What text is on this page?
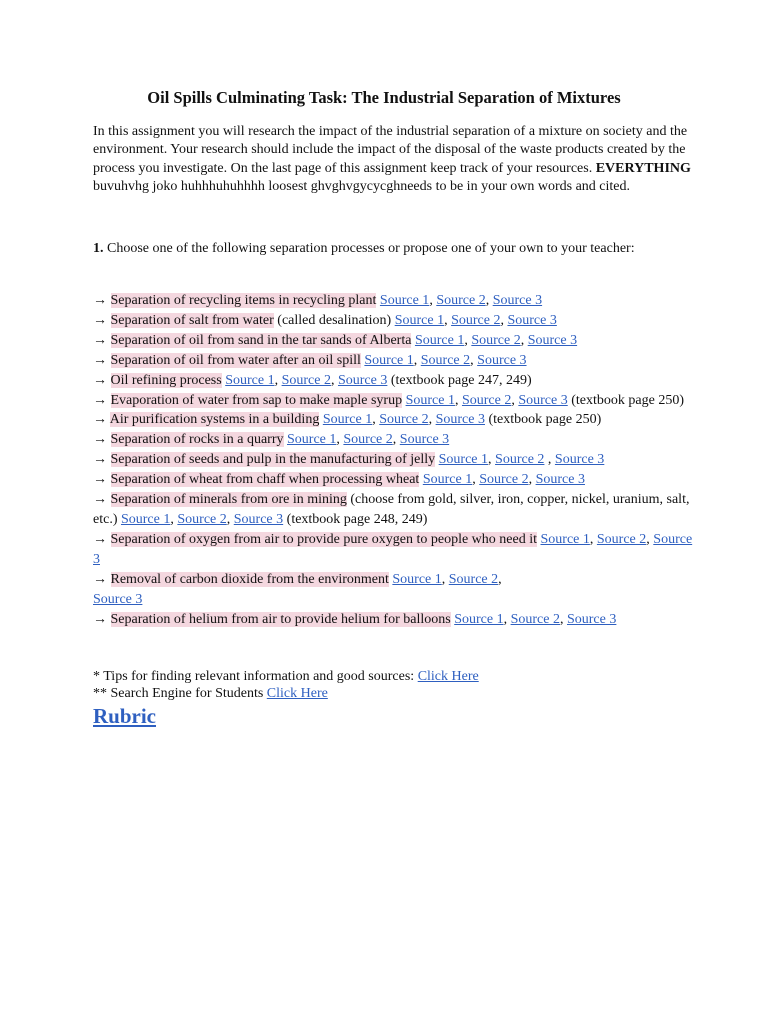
Oil Spills Culminating Task: The Industrial Separation of Mixtures

In this assignment you will research the impact of the industrial separation of a mixture on society and the environment. Your research should include the impact of the disposal of the waste products created by the process you investigate. On the last page of this assignment keep track of your resources. EVERYTHING buvuhvhg joko huhhhuhuhhhh loosest ghvghvgycycghneeds to be in your own words and cited.

1. Choose one of the following separation processes or propose one of your own to your teacher:

→ Separation of recycling items in recycling plant Source 1, Source 2, Source 3
→ Separation of salt from water (called desalination) Source 1, Source 2, Source 3
→ Separation of oil from sand in the tar sands of Alberta Source 1, Source 2, Source 3
→ Separation of oil from water after an oil spill Source 1, Source 2, Source 3
→ Oil refining process Source 1, Source 2, Source 3 (textbook page 247, 249)
→ Evaporation of water from sap to make maple syrup Source 1, Source 2, Source 3 (textbook page 250)
→ Air purification systems in a building Source 1, Source 2, Source 3 (textbook page 250)
→ Separation of rocks in a quarry Source 1, Source 2, Source 3
→ Separation of seeds and pulp in the manufacturing of jelly Source 1, Source 2 , Source 3
→ Separation of wheat from chaff when processing wheat Source 1, Source 2, Source 3
→ Separation of minerals from ore in mining (choose from gold, silver, iron, copper, nickel, uranium, salt, etc.) Source 1, Source 2, Source 3 (textbook page 248, 249)
→ Separation of oxygen from air to provide pure oxygen to people who need it Source 1, Source 2, Source 3
→ Removal of carbon dioxide from the environment Source 1, Source 2,
Source 3
→ Separation of helium from air to provide helium for balloons Source 1, Source 2, Source 3

* Tips for finding relevant information and good sources: Click Here
** Search Engine for Students Click Here

Rubric
